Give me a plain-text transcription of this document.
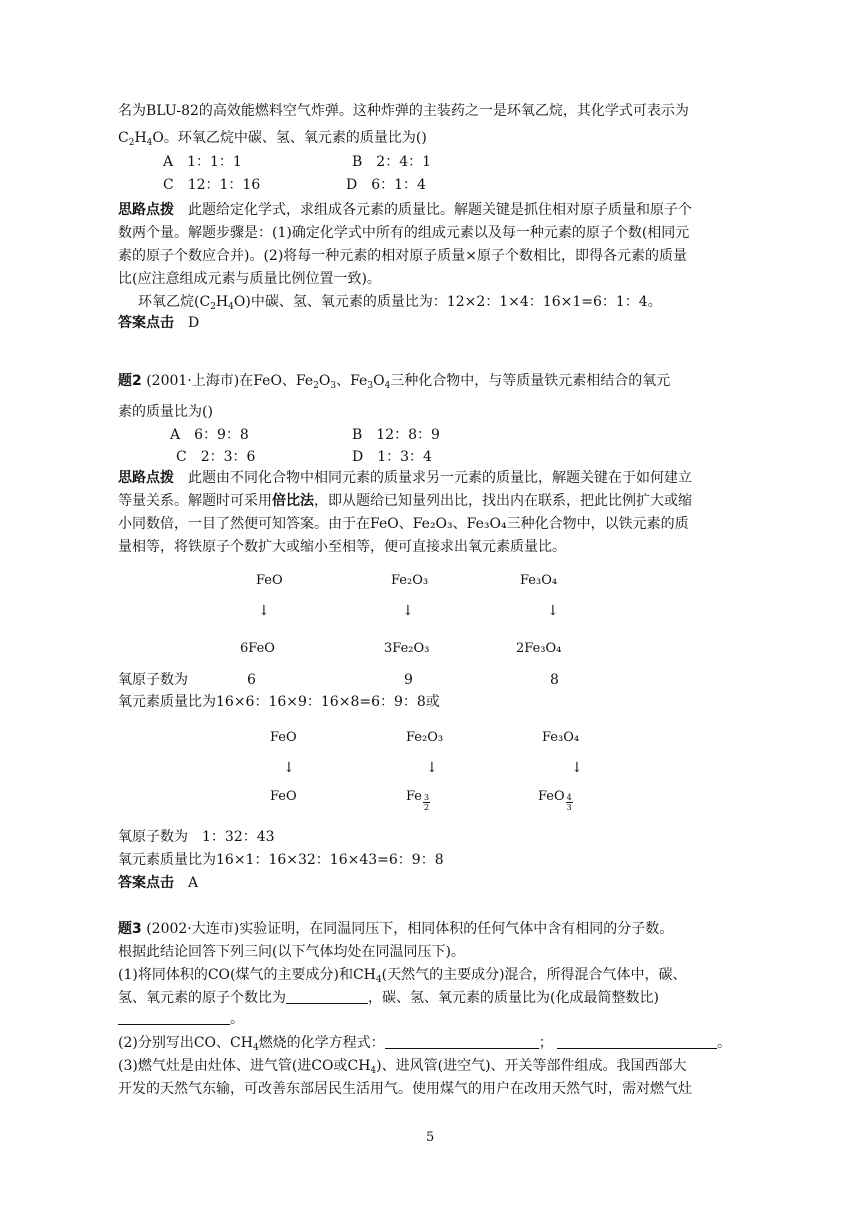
名为BLU-82的高效能燃料空气炸弹。这种炸弹的主装药之一是环氧乙烷，其化学式可表示为
$C_2H_4O$。环氧乙烷中碳、氢、氧元素的质量比为()
A　1：1：1	B　2：4：1
C　12：1：16	D　6：1：4
思路点拨　 此题给定化学式，求组成各元素的质量比。解题关键是抓住相对原子质量和原子个
数两个量。解题步骤是：(1)确定化学式中所有的组成元素以及每一种元素的原子个数(相同元
素的原子个数应合并)。(2)将每一种元素的相对原子质量×原子个数相比，即得各元素的质量
比(应注意组成元素与质量比例位置一致)。
环氧乙烷$(C_2H_4O)$中碳、氢、氧元素的质量比为：12×2：1×4：16×1=6：1：4。
答案点击　 D
题2 (2001·上海市)在FeO、$Fe_2O_3$、$Fe_3O_4$三种化合物中，与等质量铁元素相结合的氧元
素的质量比为()
A　6：9：8	B　12：8：9
C　2：3：6	D　1：3：4
思路点拨　 此题由不同化合物中相同元素的质量求另一元素的质量比，解题关键在于如何建立
等量关系。解题时可采用倍比法，即从题给已知量列出比，找出内在联系，把此比例扩大或缩
小同数倍，一目了然便可知答案。由于在FeO、Fe₂O₃、Fe₃O₄三种化合物中，以铁元素的质
量相等，将铁原子个数扩大或缩小至相等，便可直接求出氧元素质量比。
FeO	Fe₂O₃	Fe₃O₄
↓	↓	↓
6FeO	3Fe₂O₃	2Fe₃O₄
氧原子数为	6	9	8
氧元素质量比为16×6：16×9：16×8=6：9：8或
FeO	Fe₂O₃	Fe₃O₄
↓	↓	↓
FeO	Fe $\frac{3}{2}$	FeO $\frac{4}{3}$
氧原子数为　1：32：43
氧元素质量比为16×1：16×32：16×43=6：9：8
答案点击　 A
题3 (2002·大连市)实验证明，在同温同压下，相同体积的任何气体中含有相同的分子数。
根据此结论回答下列三问(以下气体均处在同温同压下)。
(1)将同体积的CO(煤气的主要成分)和$CH_4$(天然气的主要成分)混合，所得混合气体中，碳、
氢、氧元素的原子个数比为	，碳、氢、氧元素的质量比为(化成最简整数比)
。
(2)分别写出CO、$CH_4$燃烧的化学方程式：	；	。
(3)燃气灶是由灶体、进气管(进CO或$CH_4$)、进风管(进空气)、开关等部件组成。我国西部大
开发的天然气东输，可改善东部居民生活用气。使用煤气的用户在改用天然气时，需对燃气灶
5
